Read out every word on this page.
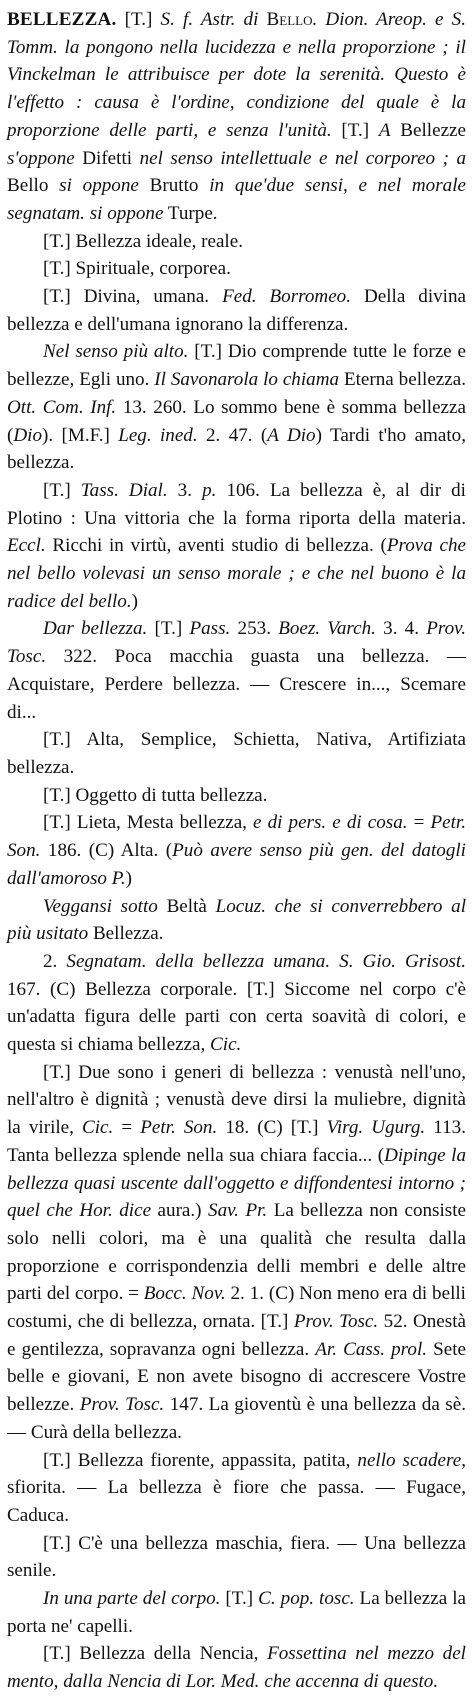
BELLEZZA. [T.] S. f. Astr. di Bello. Dion. Areop. e S. Tomm. la pongono nella lucidezza e nella proporzione ; il Vinckelman le attribuisce per dote la serenità. Questo è l'effetto : causa è l'ordine, condizione del quale è la proporzione delle parti, e senza l'unità. [T.] A Bellezze s'oppone Difetti nel senso intellettuale e nel corporeo ; a Bello si oppone Brutto in que'due sensi, e nel morale segnatam. si oppone Turpe.

[T.] Bellezza ideale, reale.

[T.] Spirituale, corporea.

[T.] Divina, umana. Fed. Borromeo. Della divina bellezza e dell'umana ignorano la differenza.

Nel senso più alto. [T.] Dio comprende tutte le forze e bellezze, Egli uno. Il Savonarola lo chiama Eterna bellezza. Ott. Com. Inf. 13. 260. Lo sommo bene è somma bellezza (Dio). [M.F.] Leg. ined. 2. 47. (A Dio) Tardi t'ho amato, bellezza.

[T.] Tass. Dial. 3. p. 106. La bellezza è, al dir di Plotino : Una vittoria che la forma riporta della materia. Eccl. Ricchi in virtù, aventi studio di bellezza. (Prova che nel bello volevasi un senso morale ; e che nel buono è la radice del bello.)

Dar bellezza. [T.] Pass. 253. Boez. Varch. 3. 4. Prov. Tosc. 322. Poca macchia guasta una bellezza. — Acquistare, Perdere bellezza. — Crescere in..., Scemare di...

[T.] Alta, Semplice, Schietta, Nativa, Artifiziata bellezza.

[T.] Oggetto di tutta bellezza.

[T.] Lieta, Mesta bellezza, e di pers. e di cosa. = Petr. Son. 186. (C) Alta. (Può avere senso più gen. del datogli dall'amoroso P.)

Veggansi sotto Beltà Locuz. che si converrebbero al più usitato Bellezza.

2. Segnatam. della bellezza umana. S. Gio. Grisost. 167. (C) Bellezza corporale. [T.] Siccome nel corpo c'è un'adatta figura delle parti con certa soavità di colori, e questa si chiama bellezza, Cic.

[T.] Due sono i generi di bellezza : venustà nell'uno, nell'altro è dignità ; venustà deve dirsi la muliebre, dignità la virile, Cic. = Petr. Son. 18. (C) [T.] Virg. Ugurg. 113. Tanta bellezza splende nella sua chiara faccia... (Dipinge la bellezza quasi uscente dall'oggetto e diffondentesi intorno ; quel che Hor. dice aura.) Sav. Pr. La bellezza non consiste solo nelli colori, ma è una qualità che resulta dalla proporzione e corrispondenzia delli membri e delle altre parti del corpo. = Bocc. Nov. 2. 1. (C) Non meno era di belli costumi, che di bellezza, ornata. [T.] Prov. Tosc. 52. Onestà e gentilezza, sopravanza ogni bellezza. Ar. Cass. prol. Sete belle e giovani, E non avete bisogno di accrescere Vostre bellezze. Prov. Tosc. 147. La gioventù è una bellezza da sè. — Curà della bellezza.

[T.] Bellezza fiorente, appassita, patita, nello scadere, sfiorita. — La bellezza è fiore che passa. — Fugace, Caduca.

[T.] C'è una bellezza maschia, fiera. — Una bellezza senile.

In una parte del corpo. [T.] C. pop. tosc. La bellezza la porta ne' capelli.

[T.] Bellezza della Nencia, Fossettina nel mezzo del mento, dalla Nencia di Lor. Med. che accenna di questo.
